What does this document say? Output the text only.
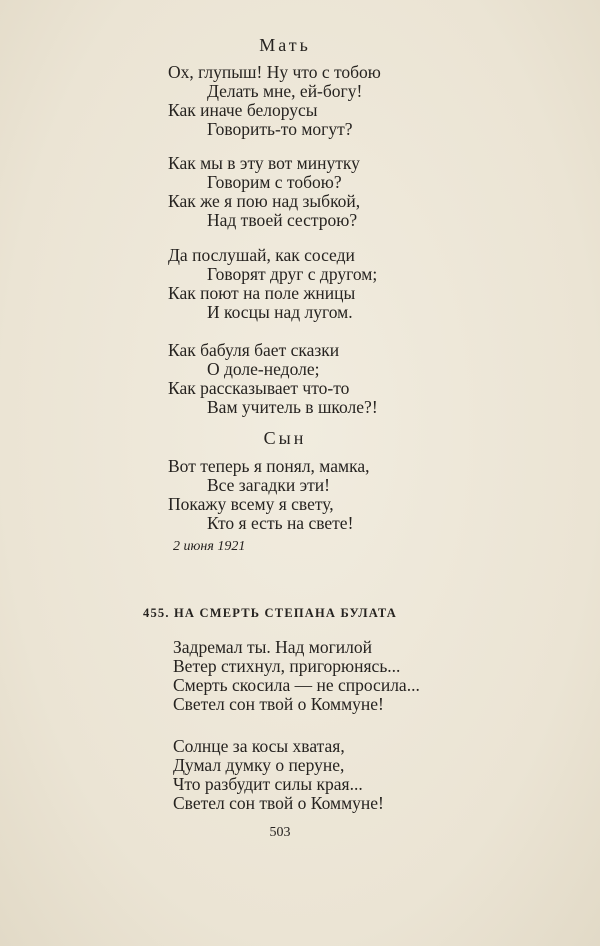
Мать
Ох, глупыш! Ну что с тобою
Делать мне, ей-богу!
Как иначе белорусы
Говорить-то могут?
Как мы в эту вот минутку
Говорим с тобою?
Как же я пою над зыбкой,
Над твоей сестрою?
Да послушай, как соседи
Говорят друг с другом;
Как поют на поле жницы
И косцы над лугом.
Как бабуля бает сказки
О доле-недоле;
Как рассказывает что-то
Вам учитель в школе?!
Сын
Вот теперь я понял, мамка,
Все загадки эти!
Покажу всему я свету,
Кто я есть на свете!
2 июня 1921
455. НА СМЕРТЬ СТЕПАНА БУЛАТА
Задремал ты. Над могилой
Ветер стихнул, пригорюнясь...
Смерть скосила — не спросила...
Светел сон твой о Коммуне!
Солнце за косы хватая,
Думал думку о перуне,
Что разбудит силы края...
Светел сон твой о Коммуне!
503
